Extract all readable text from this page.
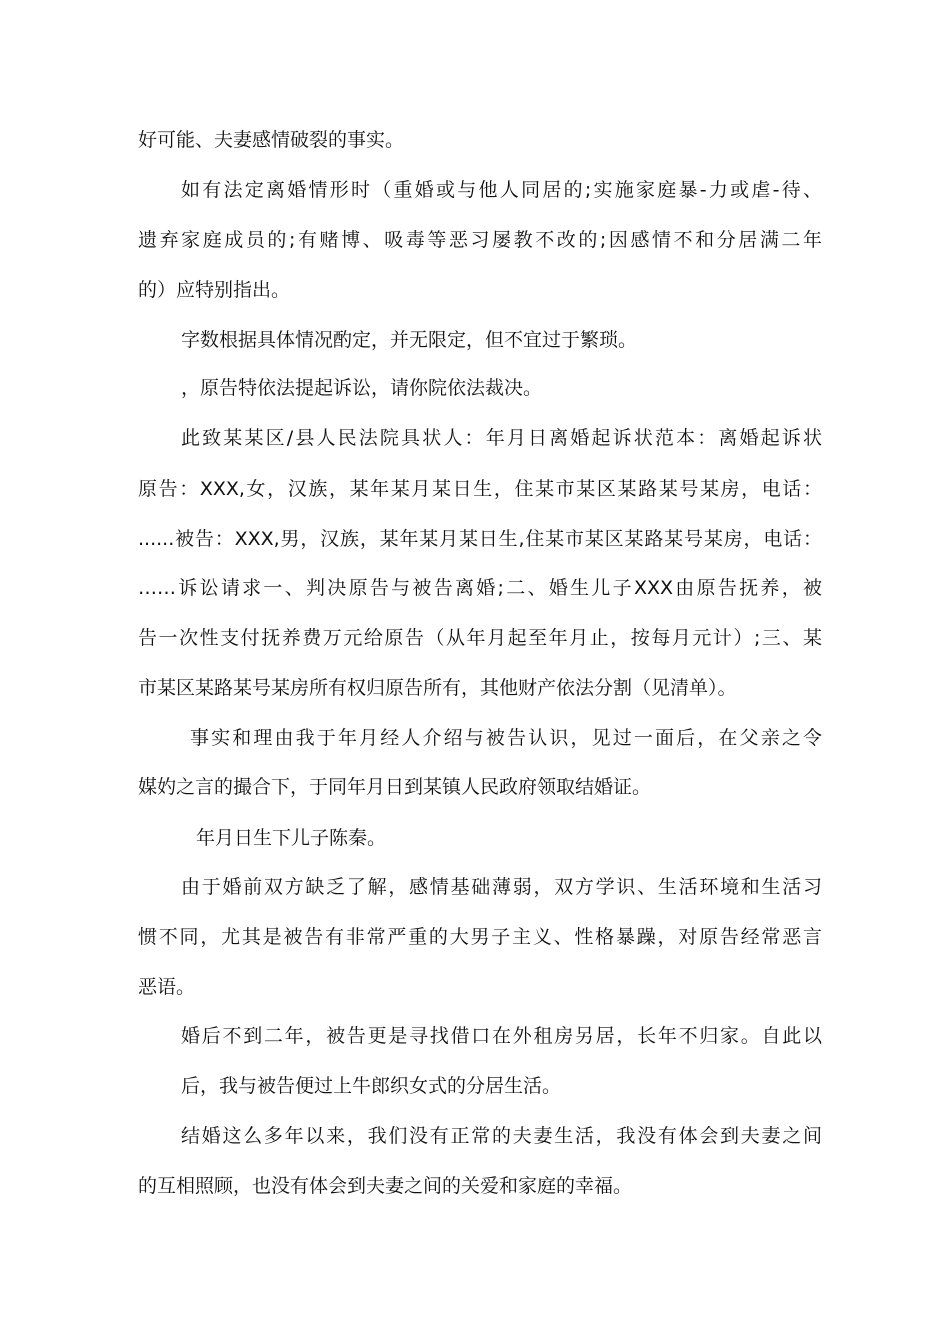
好可能、夫妻感情破裂的事实。
如有法定离婚情形时（重婚或与他人同居的;实施家庭暴-力或虐-待、
遗弃家庭成员的;有赌博、吸毒等恶习屡教不改的;因感情不和分居满二年
的）应特别指出。
字数根据具体情况酌定，并无限定，但不宜过于繁琐。
，原告特依法提起诉讼，请你院依法裁决。
此致某某区/县人民法院具状人：年月日离婚起诉状范本：离婚起诉状
原告：XXX,女，汉族，某年某月某日生，住某市某区某路某号某房，电话：
......被告：XXX,男，汉族，某年某月某日生,住某市某区某路某号某房，电话：
……诉讼请求一、判决原告与被告离婚;二、婚生儿子XXX由原告抚养，被
告一次性支付抚养费万元给原告（从年月起至年月止，按每月元计）;三、某
市某区某路某号某房所有权归原告所有，其他财产依法分割（见清单）。
事实和理由我于年月经人介绍与被告认识，见过一面后，在父亲之令
媒妁之言的撮合下，于同年月日到某镇人民政府领取结婚证。
年月日生下儿子陈秦。
由于婚前双方缺乏了解，感情基础薄弱，双方学识、生活环境和生活习
惯不同，尤其是被告有非常严重的大男子主义、性格暴躁，对原告经常恶言
恶语。
婚后不到二年，被告更是寻找借口在外租房另居，长年不归家。自此以
后，我与被告便过上牛郎织女式的分居生活。
结婚这么多年以来，我们没有正常的夫妻生活，我没有体会到夫妻之间
的互相照顾，也没有体会到夫妻之间的关爱和家庭的幸福。
